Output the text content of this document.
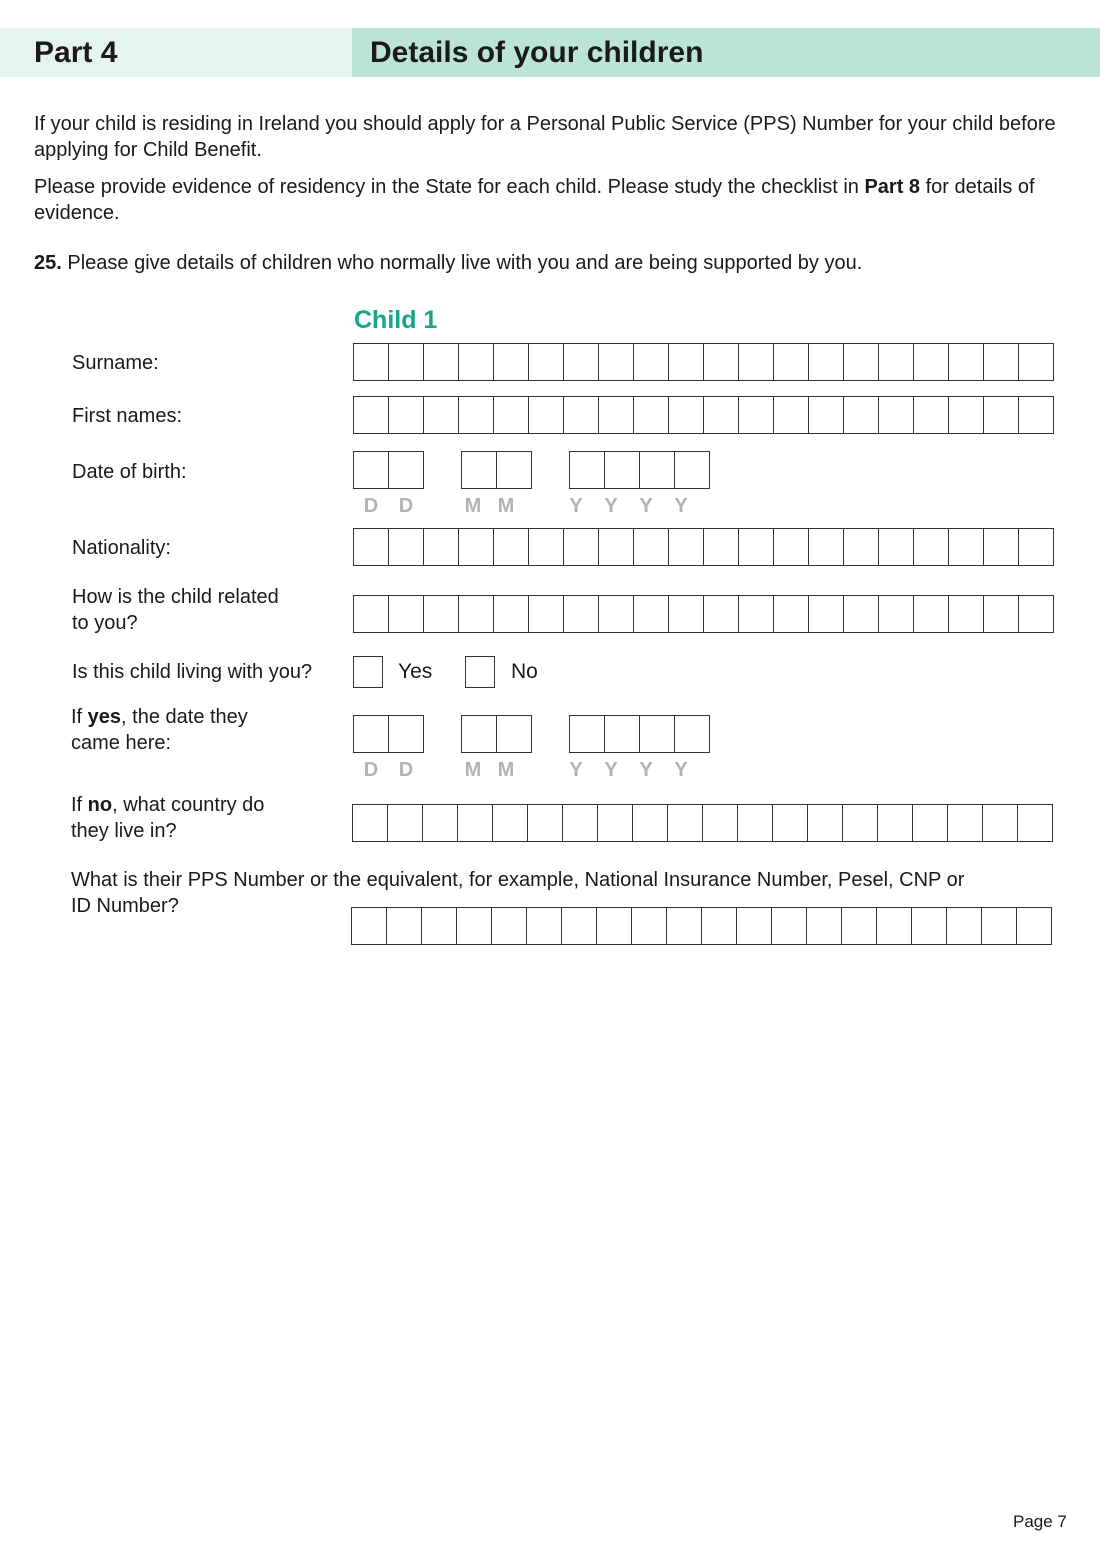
Part 4	Details of your children
If your child is residing in Ireland you should apply for a Personal Public Service (PPS) Number for your child before applying for Child Benefit.
Please provide evidence of residency in the State for each child. Please study the checklist in Part 8 for details of evidence.
25. Please give details of children who normally live with you and are being supported by you.
Child 1
Surname:
First names:
Date of birth:
D	D	M M	Y	Y	Y	Y
Nationality:
How is the child related
to you?
Is this child living with you?	Yes	No
If yes, the date they
came here:
D	D	M M	Y	Y	Y	Y
If no, what country do
they live in?
What is their PPS Number or the equivalent, for example, National Insurance Number, Pesel, CNP or
ID Number?
Page 7
